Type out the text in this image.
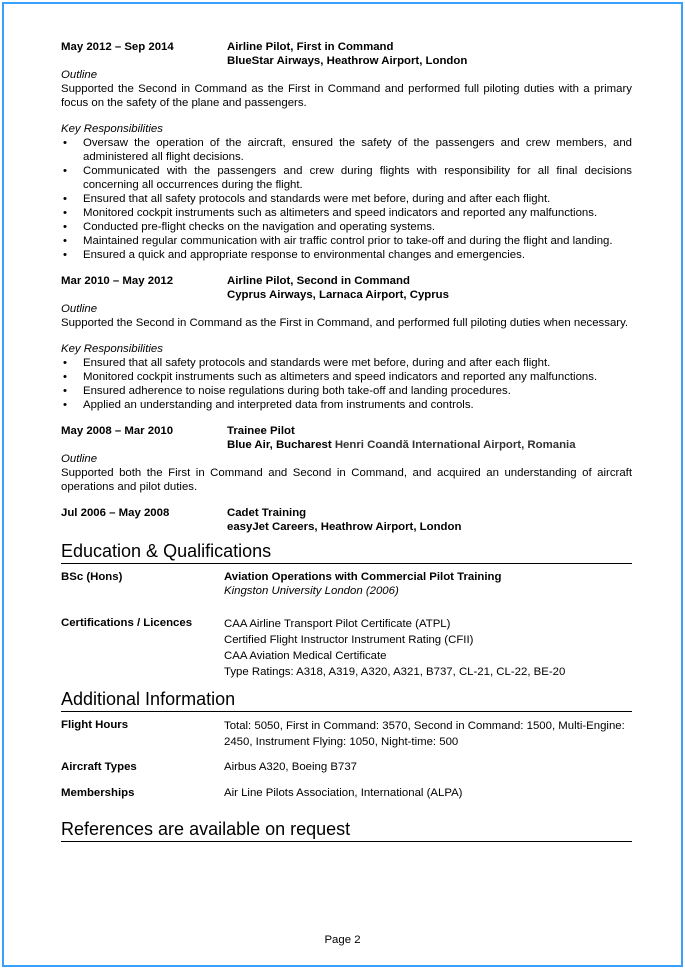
May 2012 – Sep 2014	Airline Pilot, First in Command
BlueStar Airways, Heathrow Airport, London
Outline
Supported the Second in Command as the First in Command and performed full piloting duties with a primary focus on the safety of the plane and passengers.
Key Responsibilities
• Oversaw the operation of the aircraft, ensured the safety of the passengers and crew members, and administered all flight decisions.
• Communicated with the passengers and crew during flights with responsibility for all final decisions concerning all occurrences during the flight.
• Ensured that all safety protocols and standards were met before, during and after each flight.
• Monitored cockpit instruments such as altimeters and speed indicators and reported any malfunctions.
• Conducted pre-flight checks on the navigation and operating systems.
• Maintained regular communication with air traffic control prior to take-off and during the flight and landing.
• Ensured a quick and appropriate response to environmental changes and emergencies.
Mar 2010 – May 2012	Airline Pilot, Second in Command
Cyprus Airways, Larnaca Airport, Cyprus
Outline
Supported the Second in Command as the First in Command, and performed full piloting duties when necessary.
Key Responsibilities
• Ensured that all safety protocols and standards were met before, during and after each flight.
• Monitored cockpit instruments such as altimeters and speed indicators and reported any malfunctions.
• Ensured adherence to noise regulations during both take-off and landing procedures.
• Applied an understanding and interpreted data from instruments and controls.
May 2008 – Mar 2010	Trainee Pilot
Blue Air, Bucharest Henri Coandă International Airport, Romania
Outline
Supported both the First in Command and Second in Command, and acquired an understanding of aircraft operations and pilot duties.
Jul 2006 – May 2008	Cadet Training
easyJet Careers, Heathrow Airport, London
Education & Qualifications
BSc (Hons)	Aviation Operations with Commercial Pilot Training
Kingston University London (2006)
Certifications / Licences	CAA Airline Transport Pilot Certificate (ATPL)
Certified Flight Instructor Instrument Rating (CFII)
CAA Aviation Medical Certificate
Type Ratings: A318, A319, A320, A321, B737, CL-21, CL-22, BE-20
Additional Information
Flight Hours	Total: 5050, First in Command: 3570, Second in Command: 1500, Multi-Engine: 2450, Instrument Flying: 1050, Night-time: 500
Aircraft Types	Airbus A320, Boeing B737
Memberships	Air Line Pilots Association, International (ALPA)
References are available on request
Page 2
